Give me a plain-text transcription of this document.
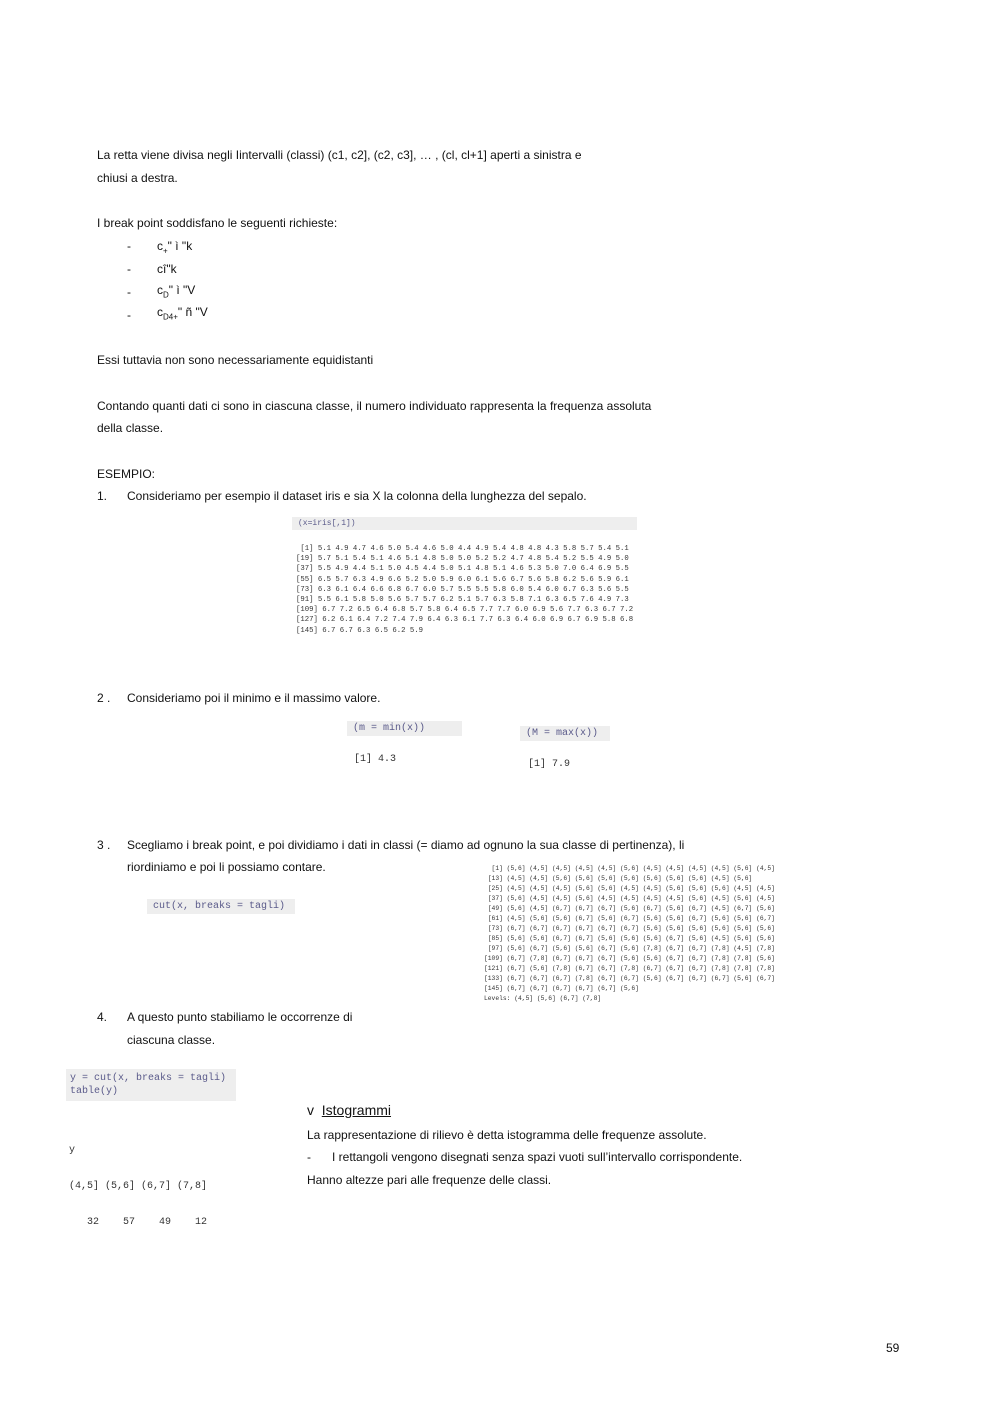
La retta viene divisa negli Iintervalli (classi) (c1, c2], (c2, c3], … , (cl, cl+1] aperti a sinistra e
chiusi a destra.
I break point soddisfano le seguenti richieste:
- $c_+$" ì "k
- cî"k
- $c_D$" ì "V
- $c_{D4+}$" ñ "V
Essi tuttavia non sono necessariamente equidistanti
Contando quanti dati ci sono in ciascuna classe, il numero individuato rappresenta la frequenza assoluta
della classe.
ESEMPIO:
1. Consideriamo per esempio il dataset iris e sia X la colonna della lunghezza del sepalo.
(x=iris[,1])
[1] 5.1 4.9 4.7 4.6 5.0 5.4 4.6 5.0 4.4 4.9 5.4 4.8 4.8 4.3 5.8 5.7 5.4 5.1
[19] 5.7 5.1 5.4 5.1 4.6 5.1 4.8 5.0 5.0 5.2 5.2 4.7 4.8 5.4 5.2 5.5 4.9 5.0
[37] 5.5 4.9 4.4 5.1 5.0 4.5 4.4 5.0 5.1 4.8 5.1 4.6 5.3 5.0 7.0 6.4 6.9 5.5
[55] 6.5 5.7 6.3 4.9 6.6 5.2 5.0 5.9 6.0 6.1 5.6 6.7 5.6 5.8 6.2 5.6 5.9 6.1
[73] 6.3 6.1 6.4 6.6 6.8 6.7 6.0 5.7 5.5 5.5 5.8 6.0 5.4 6.0 6.7 6.3 5.6 5.5
[91] 5.5 6.1 5.8 5.0 5.6 5.7 5.7 6.2 5.1 5.7 6.3 5.8 7.1 6.3 6.5 7.6 4.9 7.3
[109] 6.7 7.2 6.5 6.4 6.8 5.7 5.8 6.4 6.5 7.7 7.7 6.0 6.9 5.6 7.7 6.3 6.7 7.2
[127] 6.2 6.1 6.4 7.2 7.4 7.9 6.4 6.3 6.1 7.7 6.3 6.4 6.0 6.9 6.7 6.9 5.8 6.8
[145] 6.7 6.7 6.3 6.5 6.2 5.9
2 . Consideriamo poi il minimo e il massimo valore.
(m = min(x))
[1] 4.3
(M = max(x))
[1] 7.9
3 . Scegliamo i break point, e poi dividiamo i dati in classi (= diamo ad ognuno la sua classe di pertinenza), li
riordiniamo e poi li possiamo contare.
cut(x, breaks = tagli)
[1] (5,6] (4,5] (4,5] (4,5] (4,5] (5,6] (4,5] (4,5] (4,5] (4,5] (5,6] (4,5]
[13] (4,5] (4,5] (5,6] (5,6] (5,6] (5,6] (5,6] (5,6] (5,6] (4,5] (5,6]
[25] (4,5] (4,5] (4,5] (5,6] (5,6] (4,5] (4,5] (5,6] (5,6] (5,6] (4,5] (4,5]
[37] (5,6] (4,5] (4,5] (5,6] (4,5] (4,5] (4,5] (4,5] (5,6] (4,5] (5,6] (4,5]
[49] (5,6] (4,5] (6,7] (6,7] (6,7] (5,6] (6,7] (5,6] (6,7] (4,5] (6,7] (5,6]
[61] (4,5] (5,6] (5,6] (6,7] (5,6] (6,7] (5,6] (5,6] (6,7] (5,6] (5,6] (6,7]
[73] (6,7] (6,7] (6,7] (6,7] (6,7] (6,7] (5,6] (5,6] (5,6] (5,6] (5,6] (5,6]
[85] (5,6] (5,6] (6,7] (6,7] (5,6] (5,6] (5,6] (6,7] (5,6] (4,5] (5,6] (5,6]
[97] (5,6] (6,7] (5,6] (5,6] (6,7] (5,6] (7,8] (6,7] (6,7] (7,8] (4,5] (7,8]
[109] (6,7] (7,8] (6,7] (6,7] (6,7] (5,6] (5,6] (6,7] (6,7] (7,8] (7,8] (5,6]
[121] (6,7] (5,6] (7,8] (6,7] (6,7] (7,8] (6,7] (6,7] (6,7] (7,8] (7,8] (7,8]
[133] (6,7] (6,7] (6,7] (7,8] (6,7] (6,7] (5,6] (6,7] (6,7] (6,7] (5,6] (6,7]
[145] (6,7] (6,7] (6,7] (6,7] (6,7] (5,6]
Levels: (4,5] (5,6] (6,7] (7,8]
4. A questo punto stabiliamo le occorrenze di
ciascuna classe.
y = cut(x, breaks = tagli)
table(y)

y

(4,5] (5,6] (6,7] (7,8]

32    57    49    12

v Istogrammi
La rappresentazione di rilievo è detta istogramma delle frequenze assolute.
- I rettangoli vengono disegnati senza spazi vuoti sull’intervallo corrispondente.
Hanno altezze pari alle frequenze delle classi.
59
